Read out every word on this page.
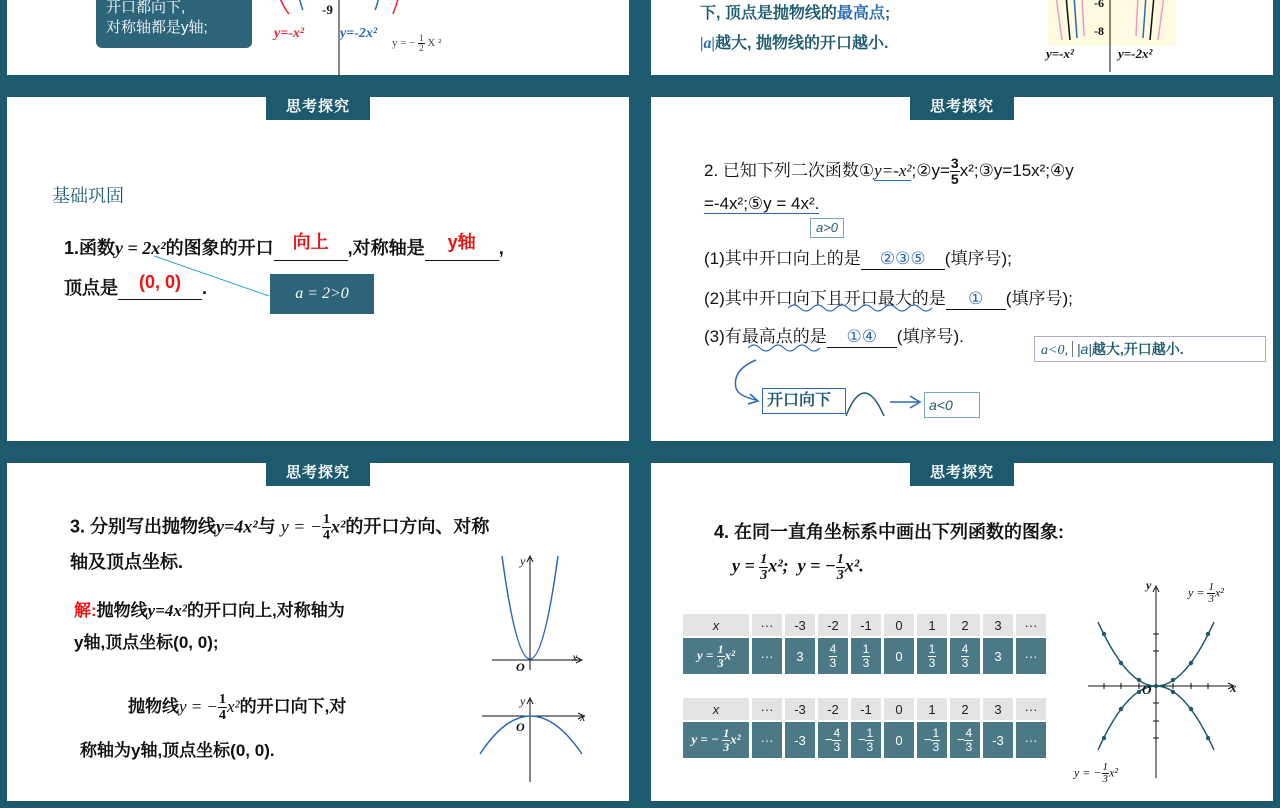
开口都向下,
对称轴都是y轴;
-9
y=-x²	y=-2x²
y = − $\frac{1}{2}$ X ²
下, 顶点是抛物线的最高点;
|a|越大, 抛物线的开口越小.
-6
-8
y=-x²	y=-2x²
思考探究
基础巩固
1.函数y = 2x²的图象的开口 向上 ,对称轴是 y轴 ,
顶点是 (0, 0) .	a = 2>0
思考探究
2. 已知下列二次函数①y=-x²;②y= $\frac{3}{5}$ x²;③y=15x²;④y
=-4x²;⑤y = 4x².
a>0
(1)其中开口向上的是 ②③⑤ (填序号);
(2)其中开口向下且开口最大的是 ① (填序号);
(3)有最高点的是 ①④ (填序号).
a<0, |a|越大,开口越小.
开口向下	a<0
思考探究
3. 分别写出抛物线y=4x²与 y = − $\frac{1}{4} x^2$的开口方向、对称
轴及顶点坐标.
解:抛物线y=4x²的开口向上,对称轴为
y轴,顶点坐标(0, 0);
抛物线y = − $\frac{1}{4} x^2$的开口向下,对
称轴为y轴,顶点坐标(0, 0).
y
x
O
y
x
O
思考探究
4. 在同一直角坐标系中画出下列函数的图象:
$y = \frac{1}{3} x^2$; y = − $\frac{1}{3} x^2$.
x	···	-3	-2	-1	0	1	2	3	···
$y = \frac{1}{3} x^2$	···	3	$\frac{4}{3}$	$\frac{1}{3}$	0	$\frac{1}{3}$	$\frac{4}{3}$	3	···
x	···	-3	-2	-1	0	1	2	3	···
y = − $\frac{1}{3} x^2$	···	-3	− $\frac{4}{3}$	− $\frac{1}{3}$	0	− $\frac{1}{3}$	− $\frac{4}{3}$	-3	···
y
x
O
$y = \frac{1}{3} x^2$
y = − $\frac{1}{3} x^2$
